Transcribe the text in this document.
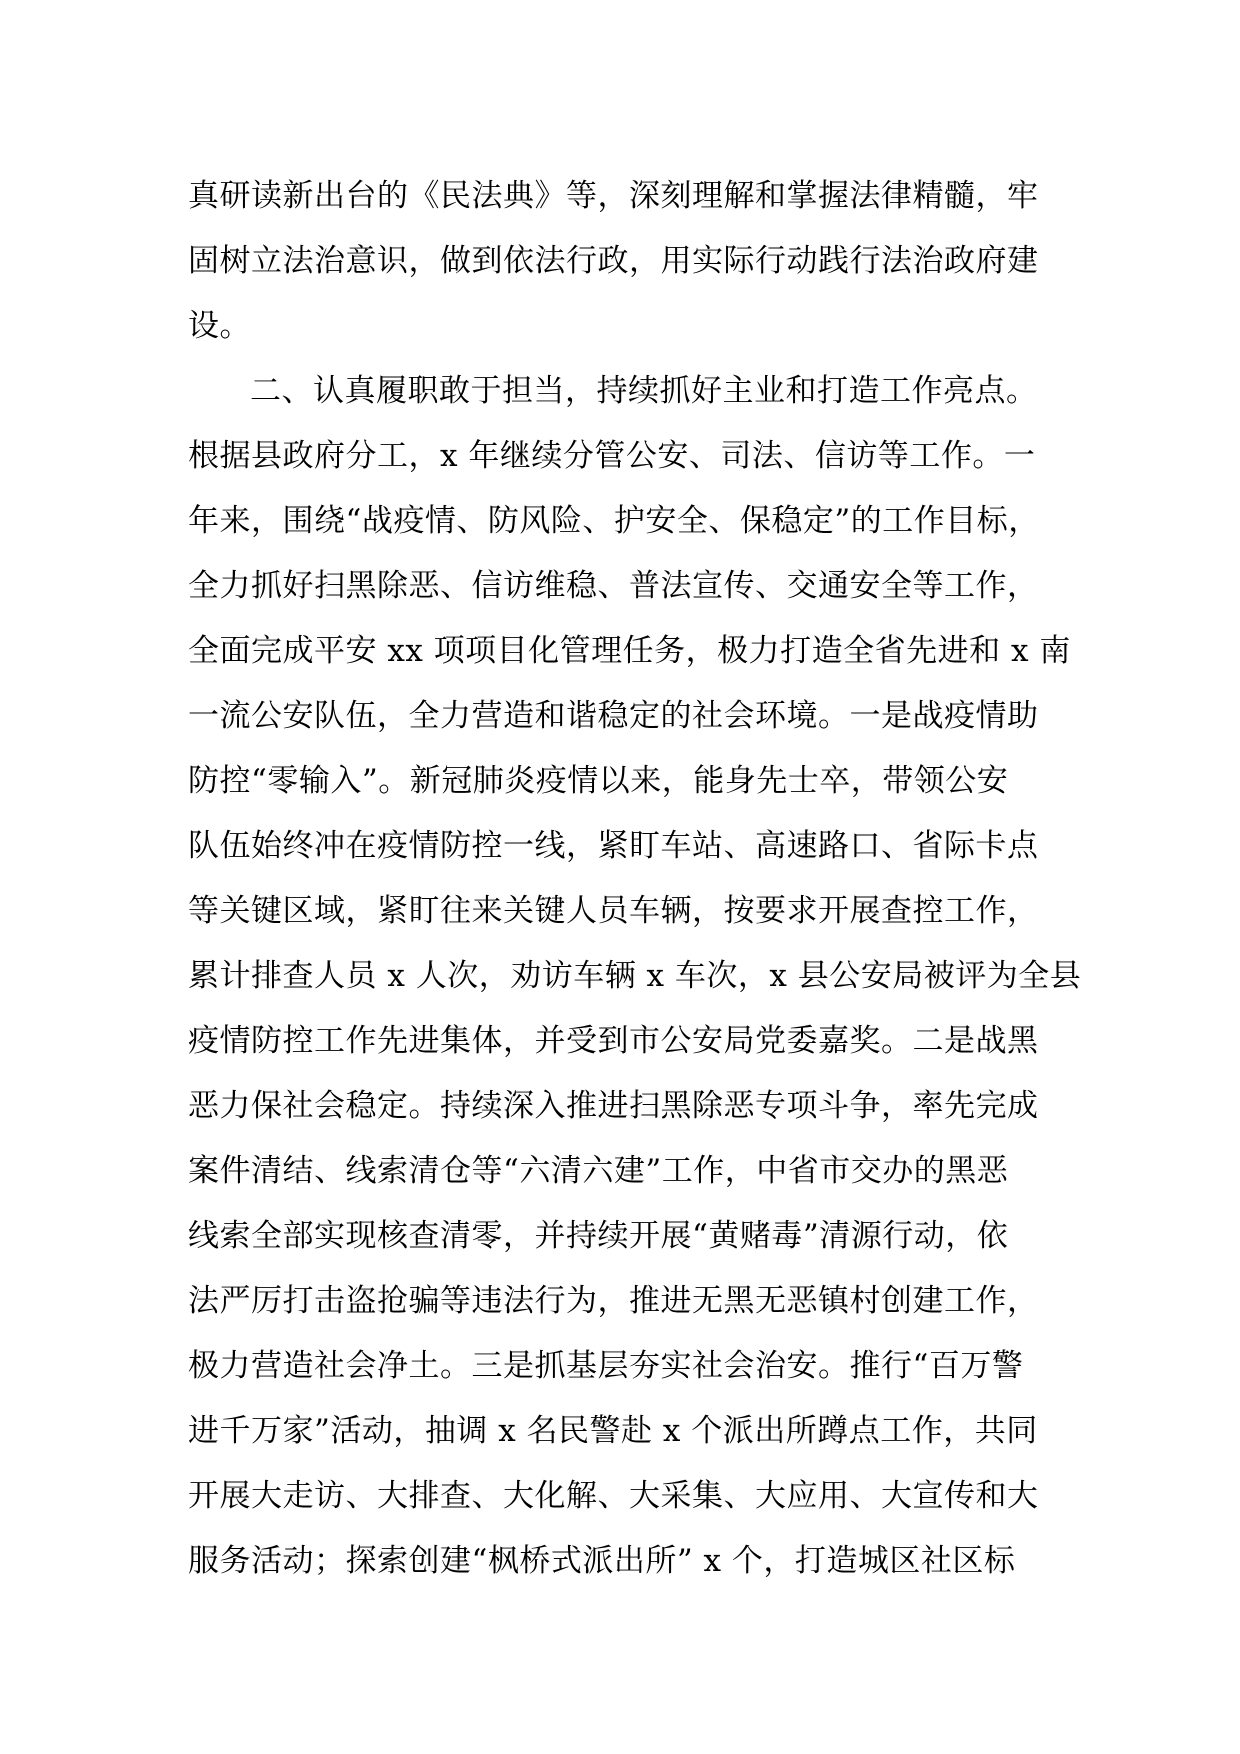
真研读新出台的《民法典》等，深刻理解和掌握法律精髓，牢
固树立法治意识，做到依法行政，用实际行动践行法治政府建
设。
二、认真履职敢于担当，持续抓好主业和打造工作亮点。
根据县政府分工，x 年继续分管公安、司法、信访等工作。一
年来，围绕“战疫情、防风险、护安全、保稳定”的工作目标，
全力抓好扫黑除恶、信访维稳、普法宣传、交通安全等工作，
全面完成平安 xx 项项目化管理任务，极力打造全省先进和 x 南
一流公安队伍，全力营造和谐稳定的社会环境。一是战疫情助
防控“零输入”。新冠肺炎疫情以来，能身先士卒，带领公安
队伍始终冲在疫情防控一线，紧盯车站、高速路口、省际卡点
等关键区域，紧盯往来关键人员车辆，按要求开展查控工作，
累计排查人员 x 人次，劝访车辆 x 车次，x 县公安局被评为全县
疫情防控工作先进集体，并受到市公安局党委嘉奖。二是战黑
恶力保社会稳定。持续深入推进扫黑除恶专项斗争，率先完成
案件清结、线索清仓等“六清六建”工作，中省市交办的黑恶
线索全部实现核查清零，并持续开展“黄赌毒”清源行动，依
法严厉打击盗抢骗等违法行为，推进无黑无恶镇村创建工作，
极力营造社会净土。三是抓基层夯实社会治安。推行“百万警
进千万家”活动，抽调 x 名民警赴 x 个派出所蹲点工作，共同
开展大走访、大排查、大化解、大采集、大应用、大宣传和大
服务活动；探索创建“枫桥式派出所” x 个，打造城区社区标
